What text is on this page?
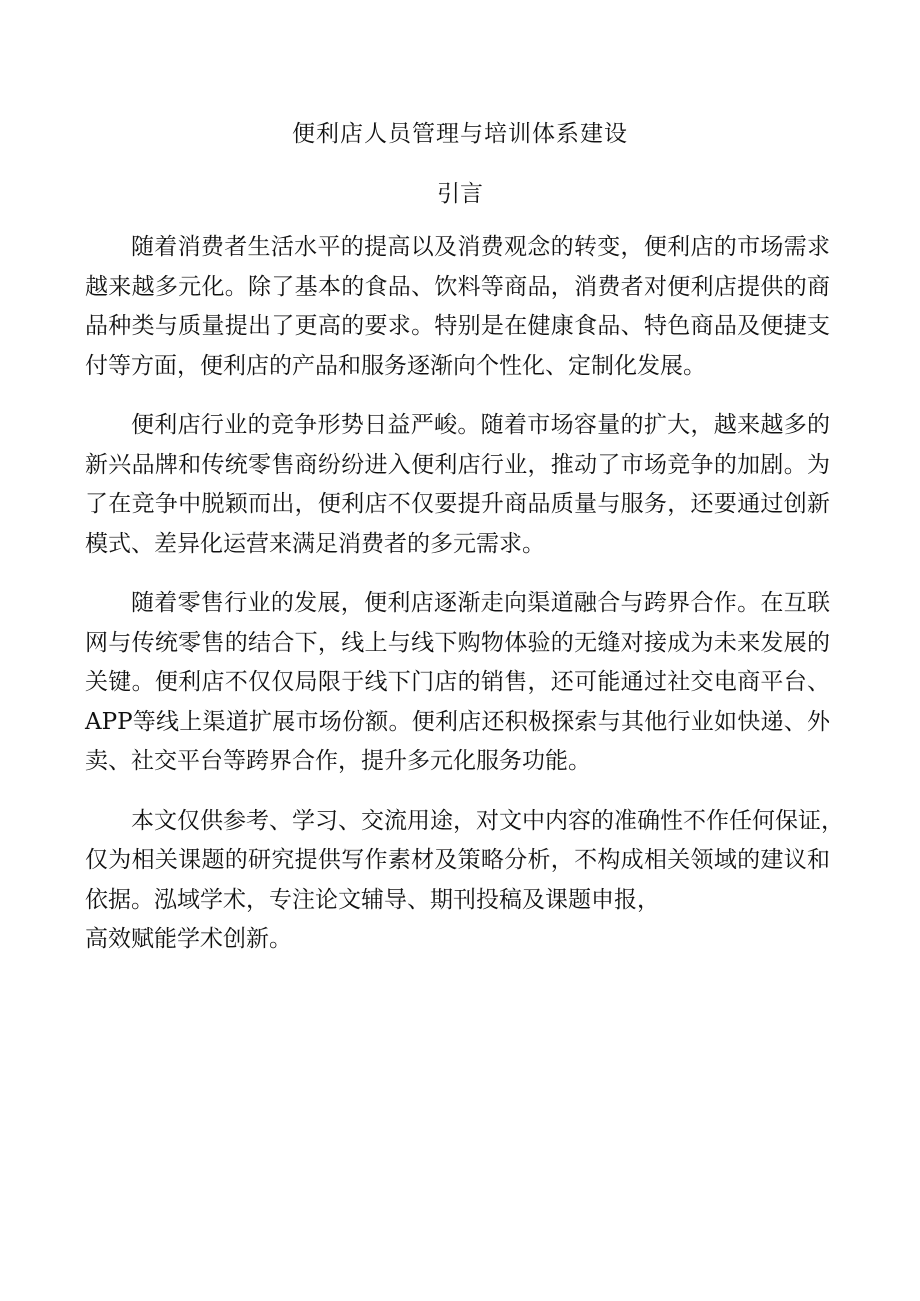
便利店人员管理与培训体系建设
引言

随着消费者生活水平的提高以及消费观念的转变，便利店的市场需求
越来越多元化。除了基本的食品、饮料等商品，消费者对便利店提供的商
品种类与质量提出了更高的要求。特别是在健康食品、特色商品及便捷支
付等方面，便利店的产品和服务逐渐向个性化、定制化发展。

便利店行业的竞争形势日益严峻。随着市场容量的扩大，越来越多的
新兴品牌和传统零售商纷纷进入便利店行业，推动了市场竞争的加剧。为
了在竞争中脱颖而出，便利店不仅要提升商品质量与服务，还要通过创新
模式、差异化运营来满足消费者的多元需求。

随着零售行业的发展，便利店逐渐走向渠道融合与跨界合作。在互联
网与传统零售的结合下，线上与线下购物体验的无缝对接成为未来发展的
关键。便利店不仅仅局限于线下门店的销售，还可能通过社交电商平台、
APP等线上渠道扩展市场份额。便利店还积极探索与其他行业如快递、外
卖、社交平台等跨界合作，提升多元化服务功能。

本文仅供参考、学习、交流用途，对文中内容的准确性不作任何保证，
仅为相关课题的研究提供写作素材及策略分析，不构成相关领域的建议和
依据。泓域学术，专注论文辅导、期刊投稿及课题申报，
高效赋能学术创新。
